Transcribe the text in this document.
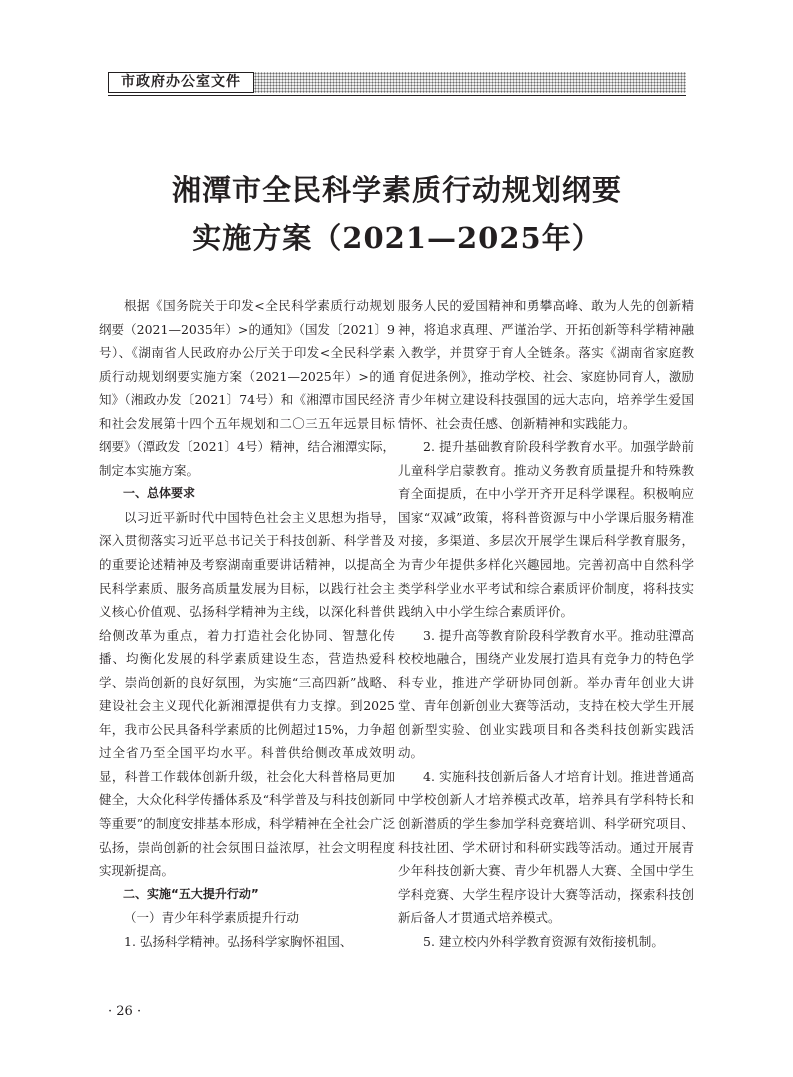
市政府办公室文件
湘潭市全民科学素质行动规划纲要
实施方案（2021—2025年）

根据《国务院关于印发<全民科学素质行动规划纲要（2021—2035年）>的通知》（国发〔2021〕9号）、《湖南省人民政府办公厅关于印发<全民科学素质行动规划纲要实施方案（2021—2025年）>的通知》（湘政办发〔2021〕74号）和《湘潭市国民经济和社会发展第十四个五年规划和二〇三五年远景目标纲要》（潭政发〔2021〕4号）精神，结合湘潭实际，制定本实施方案。

一、总体要求

以习近平新时代中国特色社会主义思想为指导，深入贯彻落实习近平总书记关于科技创新、科学普及的重要论述精神及考察湖南重要讲话精神，以提高全民科学素质、服务高质量发展为目标，以践行社会主义核心价值观、弘扬科学精神为主线，以深化科普供给侧改革为重点，着力打造社会化协同、智慧化传播、均衡化发展的科学素质建设生态，营造热爱科学、崇尚创新的良好氛围，为实施“三高四新”战略、建设社会主义现代化新湘潭提供有力支撑。到2025年，我市公民具备科学素质的比例超过15%，力争超过全省乃至全国平均水平。科普供给侧改革成效明显，科普工作载体创新升级，社会化大科普格局更加健全，大众化科学传播体系及“科学普及与科技创新同等重要”的制度安排基本形成，科学精神在全社会广泛弘扬，崇尚创新的社会氛围日益浓厚，社会文明程度实现新提高。

二、实施“五大提升行动”

（一）青少年科学素质提升行动

1. 弘扬科学精神。弘扬科学家胸怀祖国、

服务人民的爱国精神和勇攀高峰、敢为人先的创新精神，将追求真理、严谨治学、开拓创新等科学精神融入教学，并贯穿于育人全链条。落实《湖南省家庭教育促进条例》，推动学校、社会、家庭协同育人，激励青少年树立建设科技强国的远大志向，培养学生爱国情怀、社会责任感、创新精神和实践能力。

2. 提升基础教育阶段科学教育水平。加强学龄前儿童科学启蒙教育。推动义务教育质量提升和特殊教育全面提质，在中小学开齐开足科学课程。积极响应国家“双减”政策，将科普资源与中小学课后服务精准对接，多渠道、多层次开展学生课后科学教育服务，为青少年提供多样化兴趣园地。完善初高中自然科学类学科学业水平考试和综合素质评价制度，将科技实践纳入中小学生综合素质评价。

3. 提升高等教育阶段科学教育水平。推动驻潭高校校地融合，围绕产业发展打造具有竞争力的特色学科专业，推进产学研协同创新。举办青年创业大讲堂、青年创新创业大赛等活动，支持在校大学生开展创新型实验、创业实践项目和各类科技创新实践活动。

4. 实施科技创新后备人才培育计划。推进普通高中学校创新人才培养模式改革，培养具有学科特长和创新潜质的学生参加学科竞赛培训、科学研究项目、科技社团、学术研讨和科研实践等活动。通过开展青少年科技创新大赛、青少年机器人大赛、全国中学生学科竞赛、大学生程序设计大赛等活动，探索科技创新后备人才贯通式培养模式。

5. 建立校内外科学教育资源有效衔接机制。

· 26 ·
